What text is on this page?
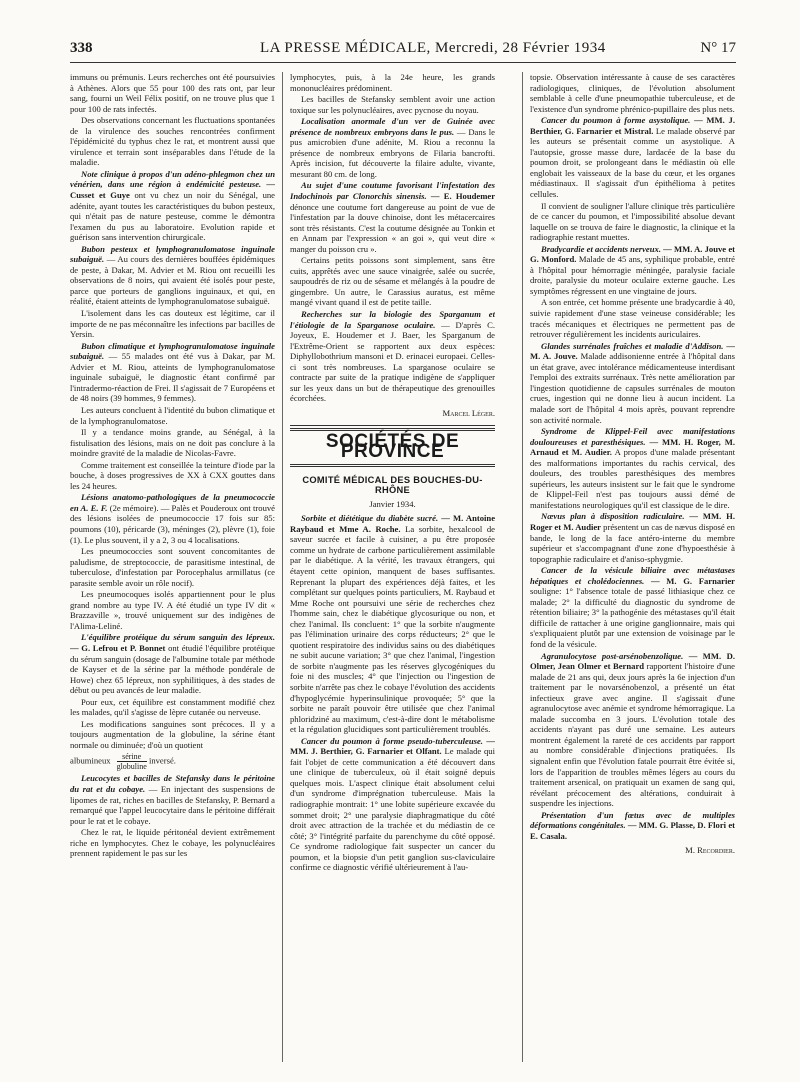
338	LA PRESSE MÉDICALE, Mercredi, 28 Février 1934	N° 17

immuns ou prémunis. Leurs recherches ont été poursuivies à Athènes. Alors que 55 pour 100 des rats ont, par leur sang, fourni un Weil Félix positif, on ne trouve plus que 1 pour 100 de rats infectés.

Des observations concernant les fluctuations spontanées de la virulence des souches rencontrées confirment l'épidémicité du typhus chez le rat, et montrent aussi que virulence et terrain sont inséparables dans l'étude de la maladie.

Note clinique à propos d'un adéno-phlegmon chez un vénérien, dans une région à endémicité pesteuse. — Cusset et Guye ont vu chez un noir du Sénégal, une adénite, ayant toutes les caractéristiques du bubon pesteux, qui n'était pas de nature pesteuse, comme le démontra l'examen du pus au laboratoire. Evolution rapide et guérison sans intervention chirurgicale.

Bubon pesteux et lymphogranulomatose inguinale subaiguë. — Au cours des dernières bouffées épidémiques de peste, à Dakar, M. Advier et M. Riou ont recueilli les observations de 8 noirs, qui avaient été isolés pour peste, parce que porteurs de ganglions inguinaux, et qui, en réalité, étaient atteints de lymphogranulomatose subaiguë.

L'isolement dans les cas douteux est légitime, car il importe de ne pas méconnaître les infections par bacilles de Yersin.

Bubon climatique et lymphogranulomatose inguinale subaiguë. — 55 malades ont été vus à Dakar, par M. Advier et M. Riou, atteints de lymphogranulomatose inguinale subaiguë, le diagnostic étant confirmé par l'intradermo-réaction de Frei. Il s'agissait de 7 Européens et de 48 noirs (39 hommes, 9 femmes).

Les auteurs concluent à l'identité du bubon climatique et de la lymphogranulomatose.

Il y a tendance moins grande, au Sénégal, à la fistulisation des lésions, mais on ne doit pas conclure à la moindre gravité de la maladie de Nicolas-Favre.

Comme traitement est conseillée la teinture d'iode par la bouche, à doses progressives de XX à CXX gouttes dans les 24 heures.

Lésions anatomo-pathologiques de la pneumococcie en A. E. F. (2e mémoire). — Palès et Pouderoux ont trouvé des lésions isolées de pneumococcie 17 fois sur 85: poumons (10), péricarde (3), méninges (2), plèvre (1), foie (1). Le plus souvent, il y a 2, 3 ou 4 localisations.

Les pneumococcies sont souvent concomitantes de paludisme, de streptococcie, de parasitisme intestinal, de tuberculose, d'infestation par Porocephalus armillatus (ce parasite semble avoir un rôle nocif).

Les pneumocoques isolés appartiennent pour le plus grand nombre au type IV. A été étudié un type IV dit « Brazzaville », trouvé uniquement sur des indigènes de l'Alima-Leliné.

L'équilibre protéique du sérum sanguin des lépreux. — G. Lefrou et P. Bonnet ont étudié l'équilibre protéique du sérum sanguin (dosage de l'albumine totale par méthode de Kayser et de la sérine par la méthode pondérale de Howe) chez 65 lépreux, non syphilitiques, à des stades de début ou peu avancés de leur maladie.

Pour eux, cet équilibre est constamment modifié chez les malades, qu'il s'agisse de lèpre cutanée ou nerveuse.

Les modifications sanguines sont précoces. Il y a toujours augmentation de la globuline, la sérine étant normale ou diminuée; d'où un quotient

albumineux $\frac{\text{sérine}}{\text{globuline}}$ inversé.

Leucocytes et bacilles de Stefansky dans le péritoine du rat et du cobaye. — En injectant des suspensions de lipomes de rat, riches en bacilles de Stefansky, P. Bernard a remarqué que l'appel leucocytaire dans le péritoine différait pour le rat et le cobaye.

Chez le rat, le liquide péritonéal devient extrêmement riche en lymphocytes. Chez le cobaye, les polynucléaires prennent rapidement le pas sur les

lymphocytes, puis, à la 24e heure, les grands mononucléaires prédominent.

Les bacilles de Stefansky semblent avoir une action toxique sur les polynucléaires, avec pycnose du noyau.

Localisation anormale d'un ver de Guinée avec présence de nombreux embryons dans le pus. — Dans le pus amicrobien d'une adénite, M. Riou a reconnu la présence de nombreux embryons de Filaria bancrofti. Après incision, fut découverte la filaire adulte, vivante, mesurant 80 cm. de long.

Au sujet d'une coutume favorisant l'infestation des Indochinois par Clonorchis sinensis. — E. Houdemer dénonce une coutume fort dangereuse au point de vue de l'infestation par la douve chinoise, dont les métacercaires sont très résistants. C'est la coutume désignée au Tonkin et en Annam par l'expression « an goi », qui veut dire « manger du poisson cru ».

Certains petits poissons sont simplement, sans être cuits, apprêtés avec une sauce vinaigrée, salée ou sucrée, saupoudrés de riz ou de sésame et mélangés à la poudre de gingembre. Un autre, le Carassius auratus, est même mangé vivant quand il est de petite taille.

Recherches sur la biologie des Sparganum et l'étiologie de la Sparganose oculaire. — D'après C. Joyeux, E. Houdemer et J. Baer, les Sparganum de l'Extrême-Orient se rapportent aux deux espèces: Diphyllobothrium mansoni et D. erinacei europaei. Celles-ci sont très nombreuses. La sparganose oculaire se contracte par suite de la pratique indigène de s'appliquer sur les yeux dans un but de thérapeutique des grenouilles écorchées.

Marcel Léger.

SOCIÉTÉS DE PROVINCE

COMITÉ MÉDICAL DES BOUCHES-DU-RHÔNE

Janvier 1934.

Sorbite et diététique du diabète sucré. — M. Antoine Raybaud et Mme A. Roche. La sorbite, hexalcool de saveur sucrée et facile à cuisiner, a pu être proposée comme un hydrate de carbone particulièrement assimilable par le diabétique. A la vérité, les travaux étrangers, qui étayent cette opinion, manquent de bases suffisantes. Reprenant la plupart des expériences déjà faites, et les complétant sur quelques points particuliers, M. Raybaud et Mme Roche ont poursuivi une série de recherches chez l'homme sain, chez le diabétique glycosurique ou non, et chez l'animal. Ils concluent: 1° que la sorbite n'augmente pas l'élimination urinaire des corps réducteurs; 2° que le quotient respiratoire des individus sains ou des diabétiques ne subit aucune variation; 3° que chez l'animal, l'ingestion de sorbite n'augmente pas les réserves glycogéniques du foie ni des muscles; 4° que l'injection ou l'ingestion de sorbite n'arrête pas chez le cobaye l'évolution des accidents d'hypoglycémie hyperinsulinique provoquée; 5° que la sorbite ne paraît pouvoir être utilisée que chez l'animal phloridziné au maximum, c'est-à-dire dont le métabolisme et la régulation glucidiques sont particulièrement troublés.

Cancer du poumon à forme pseudo-tuberculeuse. — MM. J. Berthier, G. Farnarier et Olfant. Le malade qui fait l'objet de cette communication a été découvert dans une clinique de tuberculeux, où il était soigné depuis quelques mois. L'aspect clinique était absolument celui d'un syndrome d'imprégnation tuberculeuse. Mais la radiographie montrait: 1° une lobite supérieure excavée du sommet droit; 2° une paralysie diaphragmatique du côté droit avec attraction de la trachée et du médiastin de ce côté; 3° l'intégrité parfaite du parenchyme du côté opposé. Ce syndrome radiologique fait suspecter un cancer du poumon, et la biopsie d'un petit ganglion sus-claviculaire confirme ce diagnostic vérifié ultérieurement à l'au-

topsie. Observation intéressante à cause de ses caractères radiologiques, cliniques, de l'évolution absolument semblable à celle d'une pneumopathie tuberculeuse, et de l'existence d'un syndrome phrénico-pupillaire des plus nets.

Cancer du poumon à forme asystolique. — MM. J. Berthier, G. Farnarier et Mistral. Le malade observé par les auteurs se présentait comme un asystolique. A l'autopsie, grosse masse dure, lardacée de la base du poumon droit, se prolongeant dans le médiastin où elle englobait les vaisseaux de la base du cœur, et les organes médiastinaux. Il s'agissait d'un épithélioma à petites cellules.

Il convient de souligner l'allure clinique très particulière de ce cancer du poumon, et l'impossibilité absolue devant laquelle on se trouva de faire le diagnostic, la clinique et la radiographie restant muettes.

Bradycardie et accidents nerveux. — MM. A. Jouve et G. Monford. Malade de 45 ans, syphilique probable, entré à l'hôpital pour hémorragie méningée, paralysie faciale droite, paralysie du moteur oculaire externe gauche. Les symptômes régressent en une vingtaine de jours.

A son entrée, cet homme présente une bradycardie à 40, suivie rapidement d'une stase veineuse considérable; les tracés mécaniques et électriques ne permettent pas de retrouver régulièrement les incidents auriculaires.

Glandes surrénales fraîches et maladie d'Addison. — M. A. Jouve. Malade addisonienne entrée à l'hôpital dans un état grave, avec intolérance médicamenteuse interdisant l'emploi des extraits surrénaux. Très nette amélioration par l'ingestion quotidienne de capsules surrénales de mouton crues, ingestion qui ne donne lieu à aucun incident. La malade sort de l'hôpital 4 mois après, pouvant reprendre son activité normale.

Syndrome de Klippel-Feil avec manifestations douloureuses et paresthésiques. — MM. H. Roger, M. Arnaud et M. Audier. A propos d'une malade présentant des malformations importantes du rachis cervical, des douleurs, des troubles paresthésiques des membres supérieurs, les auteurs insistent sur le fait que le syndrome de Klippel-Feil n'est pas toujours aussi démé de manifestations neurologiques qu'il est classique de le dire.

Nævus plan à disposition radiculaire. — MM. H. Roger et M. Audier présentent un cas de nævus disposé en bande, le long de la face antéro-interne du membre supérieur et s'accompagnant d'une zone d'hypoesthésie à topographie radiculaire et d'aniso-sphygmie.

Cancer de la vésicule biliaire avec métastases hépatiques et cholédociennes. — M. G. Farnarier souligne: 1° l'absence totale de passé lithiasique chez ce malade; 2° la difficulté du diagnostic du syndrome de rétention biliaire; 3° la pathogénie des métastases qu'il était difficile de rattacher à une origine ganglionnaire, mais qui s'expliquaient plutôt par une extension de voisinage par le fond de la vésicule.

Agranulocytose post-arsénobenzolique. — MM. D. Olmer, Jean Olmer et Bernard rapportent l'histoire d'une malade de 21 ans qui, deux jours après la 6e injection d'un traitement par le novarsénobenzol, a présenté un état infectieux grave avec angine. Il s'agissait d'une agranulocytose avec anémie et syndrome hémorragique. La malade succomba en 3 jours. L'évolution totale des accidents n'ayant pas duré une semaine. Les auteurs montrent également la rareté de ces accidents par rapport au nombre considérable d'injections pratiquées. Ils signalent enfin que l'évolution fatale pourrait être évitée si, lors de l'apparition de troubles mêmes légers au cours du traitement arsenical, on pratiquait un examen de sang qui, révélant précocement des altérations, conduirait à suspendre les injections.

Présentation d'un fœtus avec de multiples déformations congénitales. — MM. G. Plasse, D. Flori et E. Casala.

M. Recordier.
